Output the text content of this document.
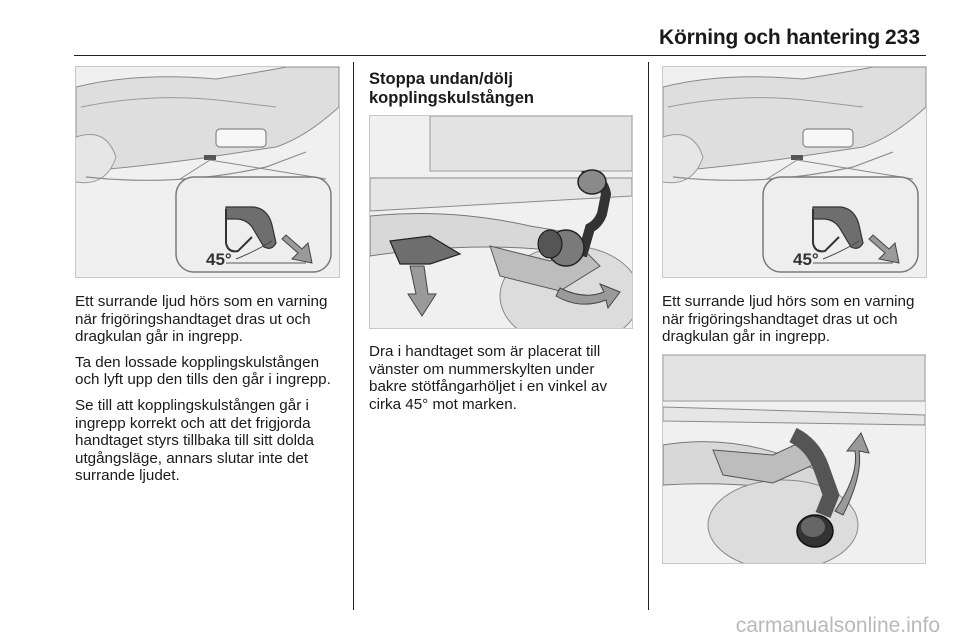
Körning och hantering 233
45°	45°

Ett surrande ljud hörs som en varning när frigöringshandtaget dras ut och dragkulan går in ingrepp.

Ta den lossade kopplingskulstången och lyft upp den tills den går i ingrepp.

Se till att kopplingskulstången går i ingrepp korrekt och att det frigjorda handtaget styrs tillbaka till sitt dolda utgångsläge, annars slutar inte det surrande ljudet.

Stoppa undan/dölj kopplingskulstången

Dra i handtaget som är placerat till vänster om nummerskylten under bakre stötfångarhöljet i en vinkel av cirka 45° mot marken.

Ett surrande ljud hörs som en varning när frigöringshandtaget dras ut och dragkulan går in ingrepp.

carmanualsonline.info
